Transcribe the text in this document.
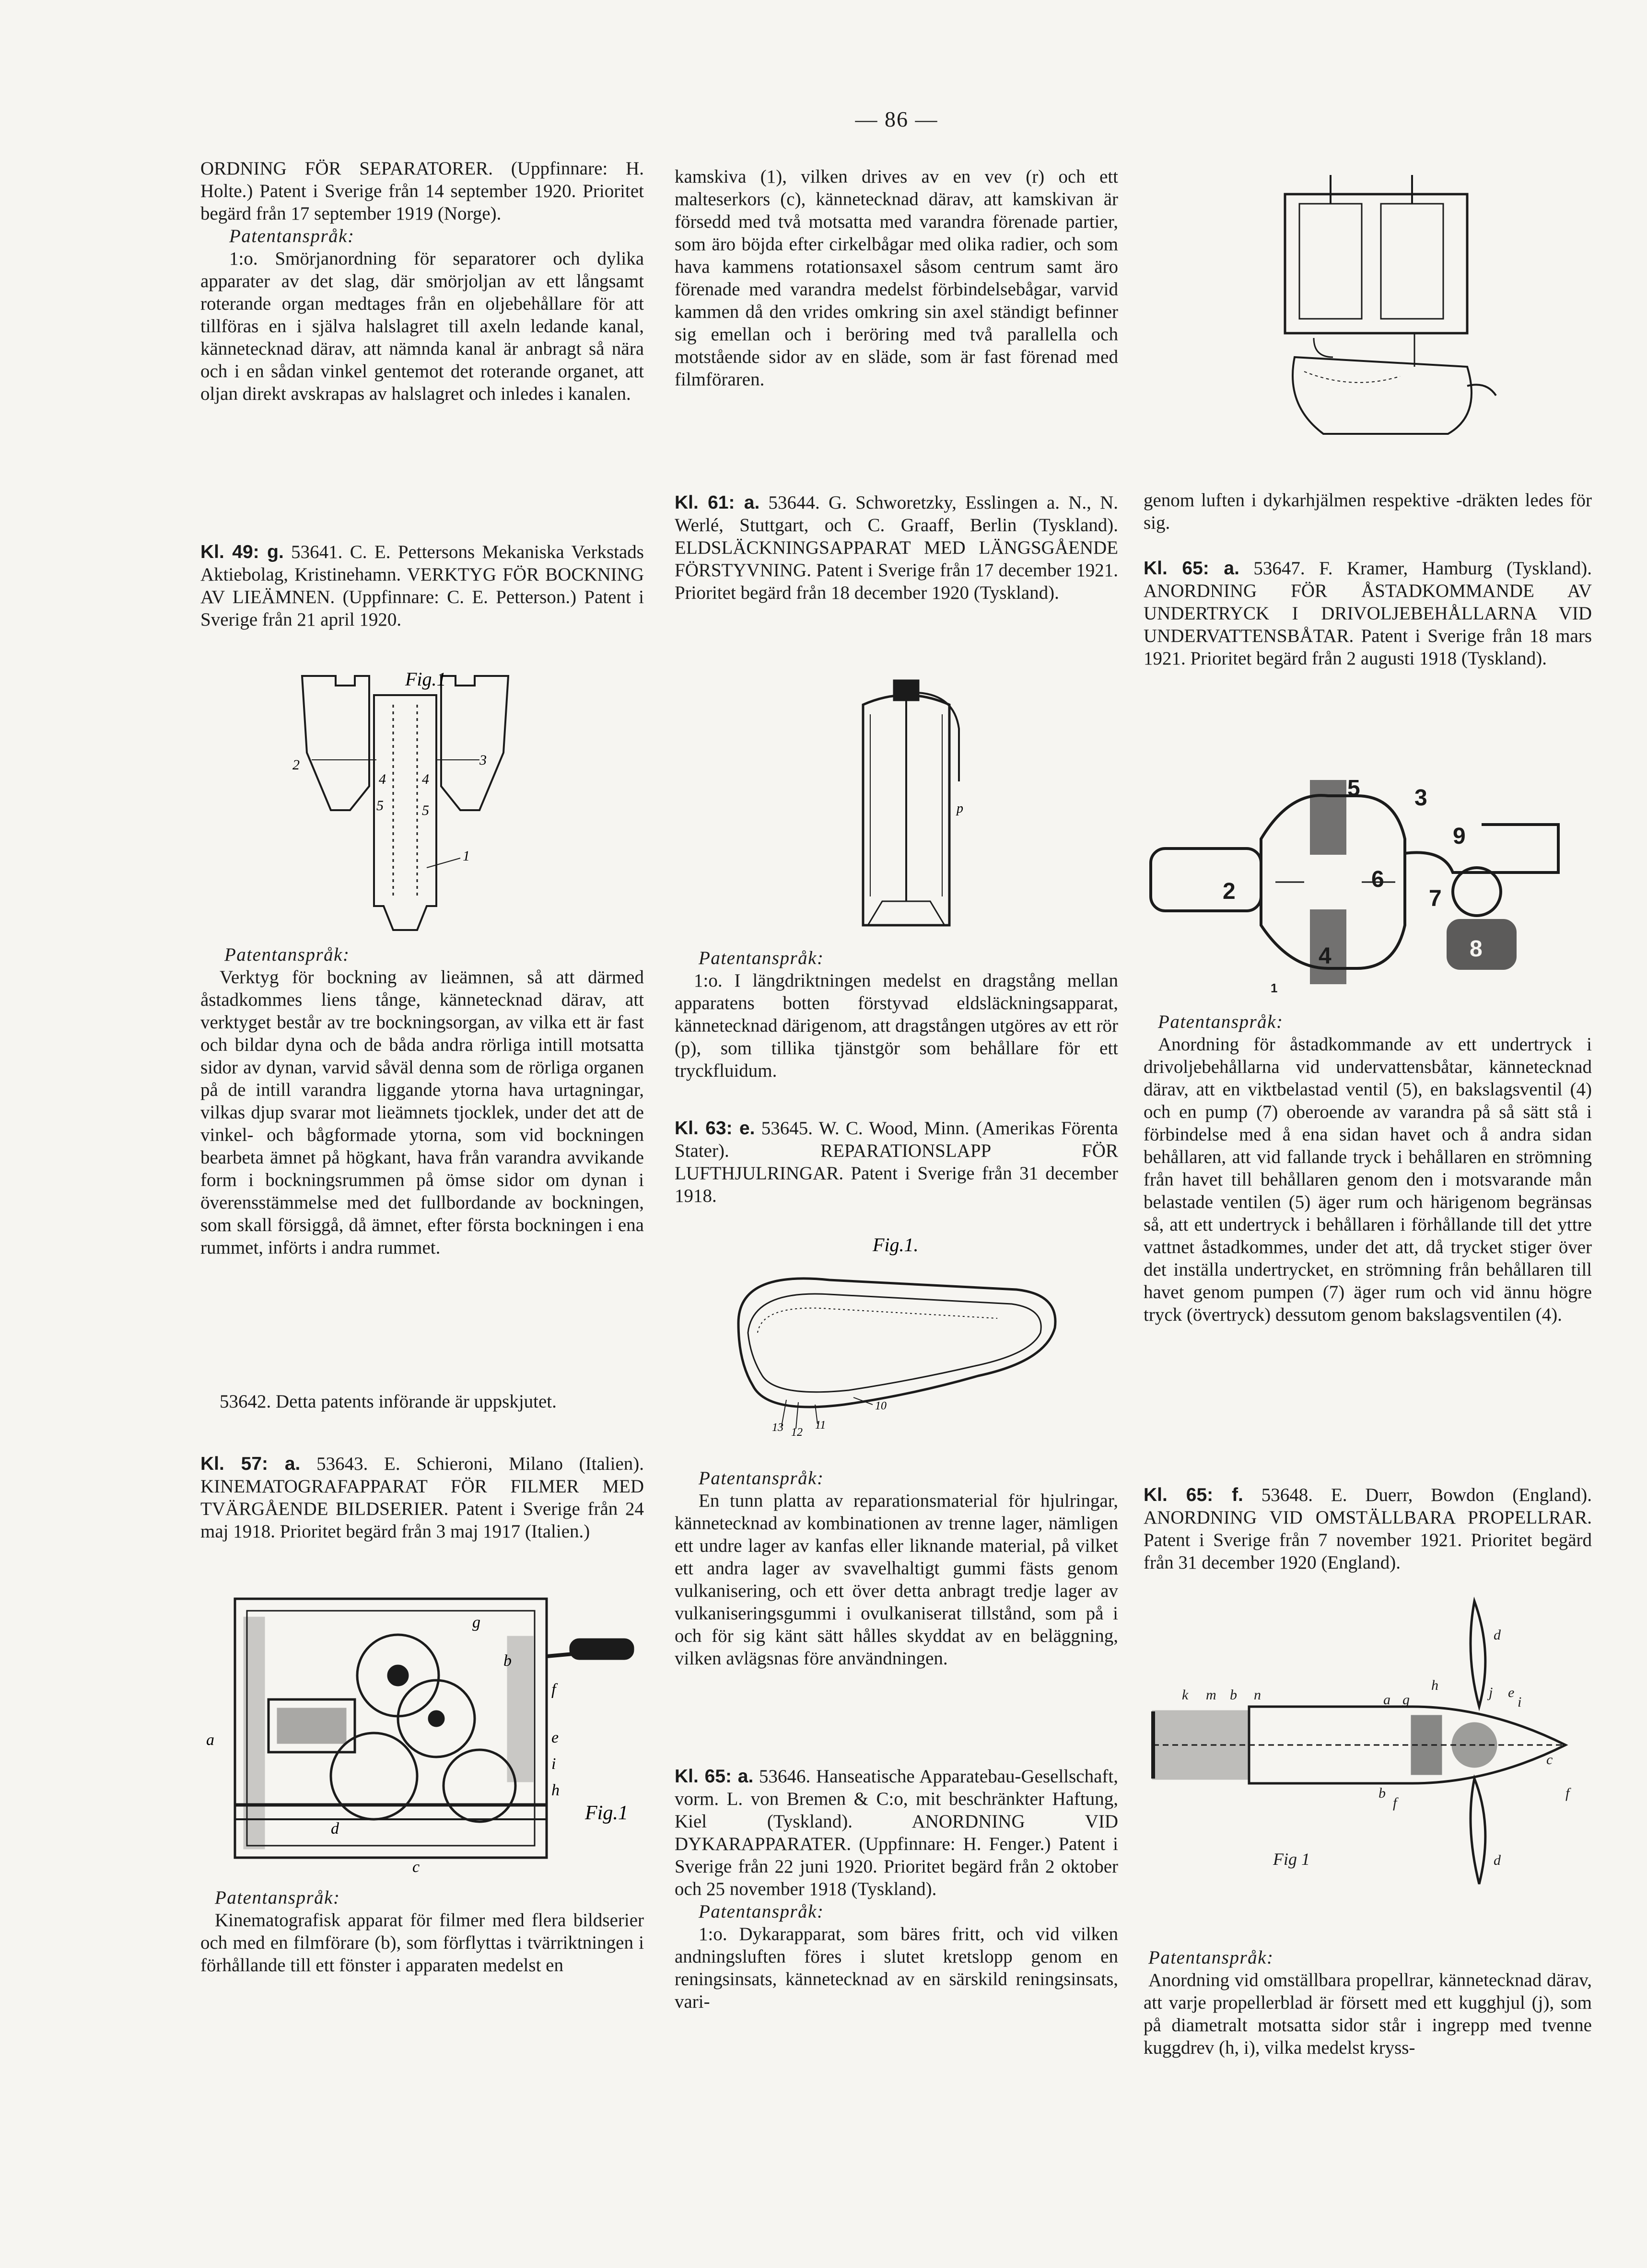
— 86 —

ORDNING FÖR SEPARATORER. (Uppfinnare: H. Holte.) Patent i Sverige från 14 september 1920. Prioritet begärd från 17 september 1919 (Norge).

Patentanspråk:

1:o. Smörjanordning för separatorer och dylika apparater av det slag, där smörjoljan av ett långsamt roterande organ medtages från en oljebehållare för att tillföras en i själva halslagret till axeln ledande kanal, kännetecknad därav, att nämnda kanal är anbragt så nära och i en sådan vinkel gentemot det roterande organet, att oljan direkt avskrapas av halslagret och inledes i kanalen.

Kl. 49: g. 53641. C. E. Pettersons Mekaniska Verkstads Aktiebolag, Kristinehamn. VERKTYG FÖR BOCKNING AV LIEÄMNEN. (Uppfinnare: C. E. Petterson.) Patent i Sverige från 21 april 1920.

Fig.1
2
4	4
3
5	5
1

Patentanspråk:

Verktyg för bockning av lieämnen, så att därmed åstadkommes liens tånge, kännetecknad därav, att verktyget består av tre bockningsorgan, av vilka ett är fast och bildar dyna och de båda andra rörliga intill motsatta sidor av dynan, varvid såväl denna som de rörliga organen på de intill varandra liggande ytorna hava urtagningar, vilkas djup svarar mot lieämnets tjocklek, under det att de vinkel- och bågformade ytorna, som vid bockningen bearbeta ämnet på högkant, hava från varandra avvikande form i bockningsrummen på ömse sidor om dynan i överensstämmelse med det fullbordande av bockningen, som skall försiggå, då ämnet, efter första bockningen i ena rummet, införts i andra rummet.

53642. Detta patents införande är uppskjutet.

Kl. 57: a. 53643. E. Schieroni, Milano (Italien). KINEMATOGRAFAPPARAT FÖR FILMER MED TVÄRGÅENDE BILDSERIER. Patent i Sverige från 24 maj 1918. Prioritet begärd från 3 maj 1917 (Italien.)

a
b
g
f
c
d
e
i
h
Fig.1

Patentanspråk:

Kinematografisk apparat för filmer med flera bildserier och med en filmförare (b), som förflyttas i tvärriktningen i förhållande till ett fönster i apparaten medelst en

kamskiva (1), vilken drives av en vev (r) och ett malteserkors (c), kännetecknad därav, att kamskivan är försedd med två motsatta med varandra förenade partier, som äro böjda efter cirkelbågar med olika radier, och som hava kammens rotationsaxel såsom centrum samt äro förenade med varandra medelst förbindelsebågar, varvid kammen då den vrides omkring sin axel ständigt befinner sig emellan och i beröring med två parallella och motstående sidor av en släde, som är fast förenad med filmföraren.

Kl. 61: a. 53644. G. Schworetzky, Esslingen a. N., N. Werlé, Stuttgart, och C. Graaff, Berlin (Tyskland). ELDSLÄCKNINGSAPPARAT MED LÄNGSGÅENDE FÖRSTYVNING. Patent i Sverige från 17 december 1921. Prioritet begärd från 18 december 1920 (Tyskland).

p

Patentanspråk:

1:o. I längdriktningen medelst en dragstång mellan apparatens botten förstyvad eldsläckningsapparat, kännetecknad därigenom, att dragstången utgöres av ett rör (p), som tillika tjänstgör som behållare för ett tryckfluidum.

Kl. 63: e. 53645. W. C. Wood, Minn. (Amerikas Förenta Stater). REPARATIONSLAPP FÖR LUFTHJULRINGAR. Patent i Sverige från 31 december 1918.

Fig.1.
13 12
11
10

Patentanspråk:

En tunn platta av reparationsmaterial för hjulringar, kännetecknad av kombinationen av trenne lager, nämligen ett undre lager av kanfas eller liknande material, på vilket ett andra lager av svavelhaltigt gummi fästs genom vulkanisering, och ett över detta anbragt tredje lager av vulkaniseringsgummi i ovulkaniserat tillstånd, som på i och för sig känt sätt hålles skyddat av en beläggning, vilken avlägsnas före användningen.

Kl. 65: a. 53646. Hanseatische Apparatebau-Gesellschaft, vorm. L. von Bremen & C:o, mit beschränkter Haftung, Kiel (Tyskland). ANORDNING VID DYKARAPPARATER. (Uppfinnare: H. Fenger.) Patent i Sverige från 22 juni 1920. Prioritet begärd från 2 oktober och 25 november 1918 (Tyskland).

Patentanspråk:

1:o. Dykarapparat, som bäres fritt, och vid vilken andningsluften föres i slutet kretslopp genom en reningsinsats, kännetecknad av en särskild reningsinsats, vari-

genom luften i dykarhjälmen respektive -dräkten ledes för sig.

Kl. 65: a. 53647. F. Kramer, Hamburg (Tyskland). ANORDNING FÖR ÅSTADKOMMANDE AV UNDERTRYCK I DRIVOLJEBEHÅLLARNA VID UNDERVATTENSBÅTAR. Patent i Sverige från 18 mars 1921. Prioritet begärd från 2 augusti 1918 (Tyskland).

5 3
9
2	6
7
4	8
1

Patentanspråk:

Anordning för åstadkommande av ett undertryck i drivoljebehållarna vid undervattensbåtar, kännetecknad därav, att en viktbelastad ventil (5), en bakslagsventil (4) och en pump (7) oberoende av varandra på så sätt stå i förbindelse med å ena sidan havet och å andra sidan behållaren, att vid fallande tryck i behållaren en strömning från havet till behållaren genom den i motsvarande mån belastade ventilen (5) äger rum och härigenom begränsas så, att ett undertryck i behållaren i förhållande till det yttre vattnet åstadkommes, under det att, då trycket stiger över det inställa undertrycket, en strömning från behållaren till havet genom pumpen (7) äger rum och vid ännu högre tryck (övertryck) dessutom genom bakslagsventilen (4).

Kl. 65: f. 53648. E. Duerr, Bowdon (England). ANORDNING VID OMSTÄLLBARA PROPELLRAR. Patent i Sverige från 7 november 1921. Prioritet begärd från 31 december 1920 (England).

d
k m b n	a g
h	j e
i
c
f
b
f
d
Fig 1

Patentanspråk:

Anordning vid omställbara propellrar, kännetecknad därav, att varje propellerblad är försett med ett kugghjul (j), som på diametralt motsatta sidor står i ingrepp med tvenne kuggdrev (h, i), vilka medelst kryss-
